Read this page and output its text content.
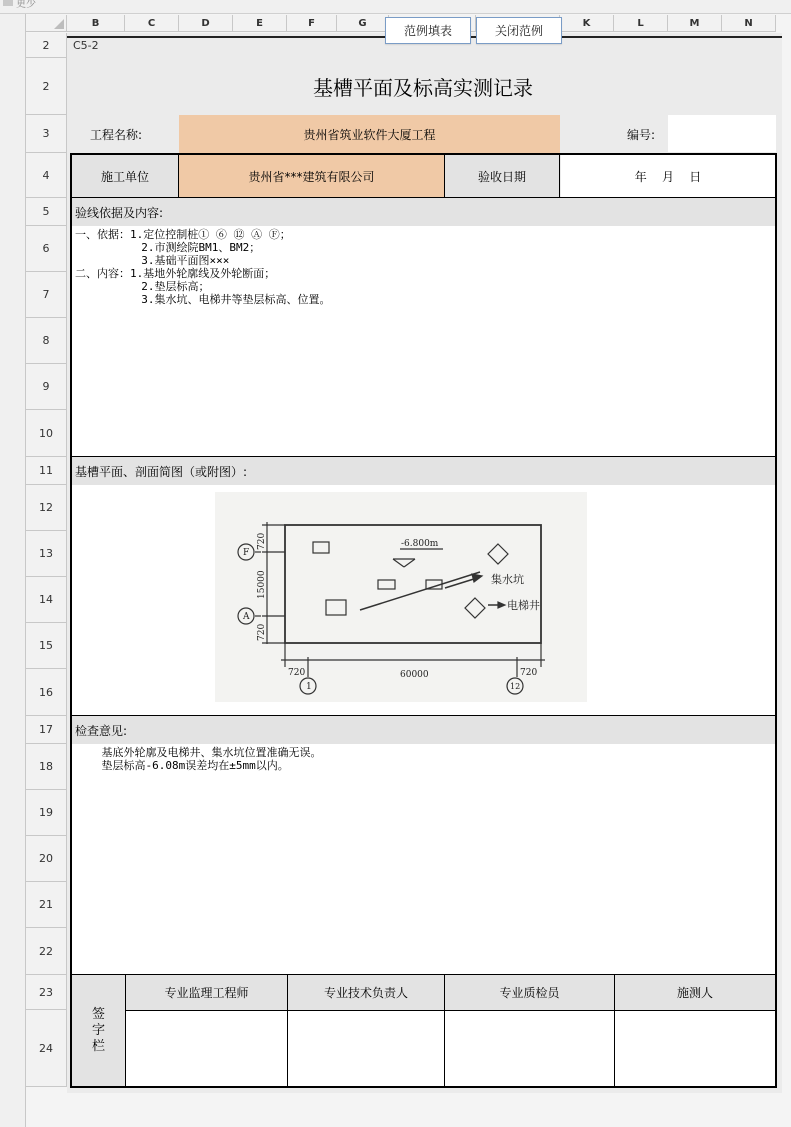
更少
B	C	D	E	F	G	K	L	M	N
2
2
3
4
5
6
7
8
9
10
11
12
13
14
15
16
17
18
19
20
21
22
23
24
范例填表	关闭范例
C5-2
基槽平面及标高实测记录
工程名称:	贵州省筑业软件大厦工程	编号:
施工单位	贵州省***建筑有限公司	验收日期	年    月    日
验线依据及内容:
一、依据：1.定位控制桩① ⑥ ⑫ Ⓐ Ⓕ；
2.市测绘院BM1、BM2；
3.基础平面图×××
二、内容：1.基地外轮廓线及外轮断面；
2.垫层标高；
3.集水坑、电梯井等垫层标高、位置。
基槽平面、剖面简图（或附图）:
-6.800m
集水坑
电梯井
720	60000	720
F
A
1	12
720
15000
720
检查意见:
基底外轮廓及电梯井、集水坑位置准确无误。
垫层标高-6.08m误差均在±5mm以内。
签
字
栏
专业监理工程师	专业技术负责人	专业质检员	施测人
